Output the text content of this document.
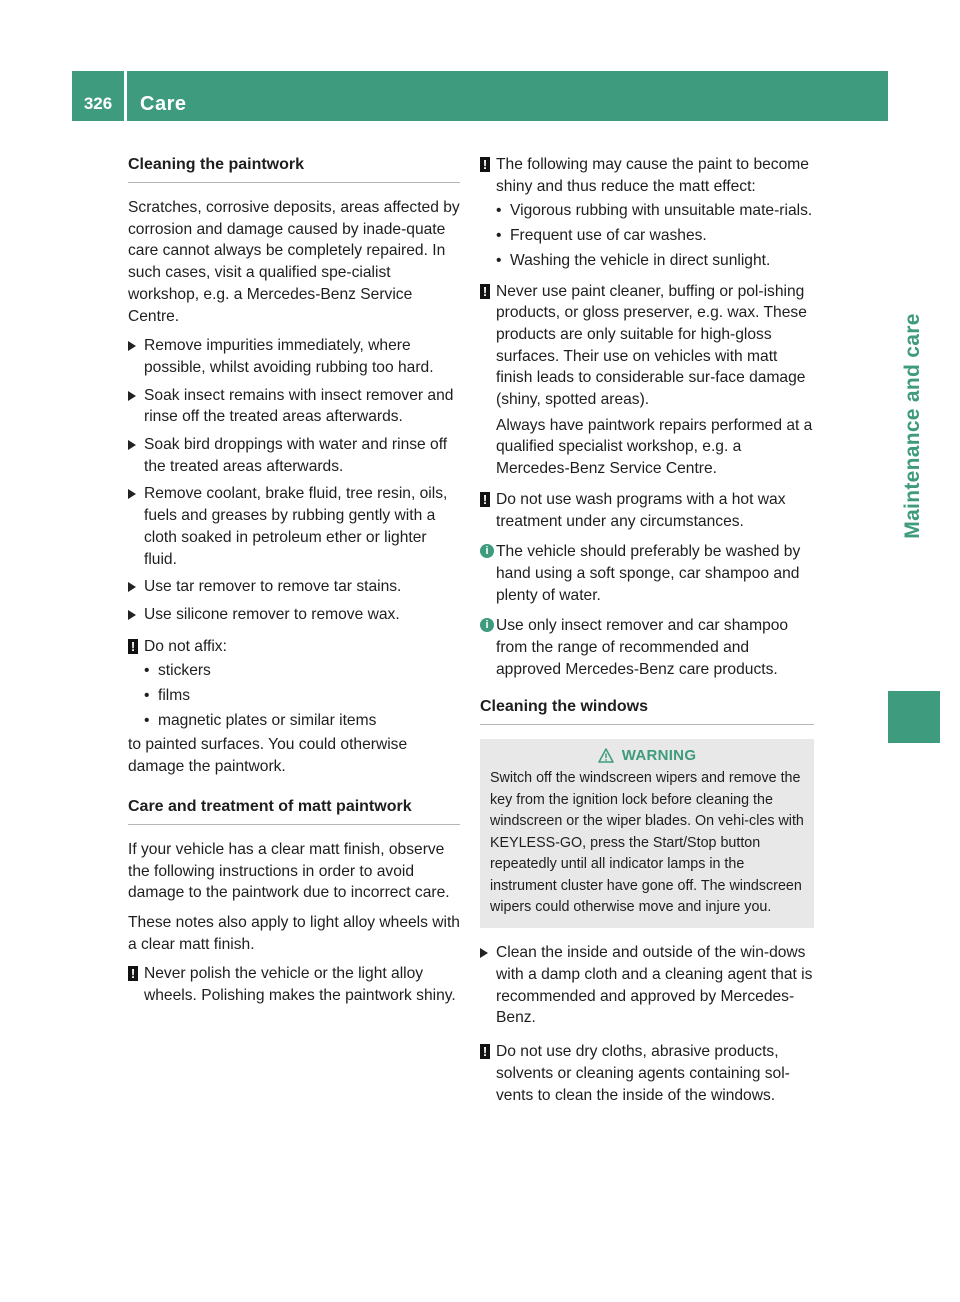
326	Care
Maintenance and care
Cleaning the paintwork

Scratches, corrosive deposits, areas affected by corrosion and damage caused by inade-quate care cannot always be completely repaired. In such cases, visit a qualified spe-cialist workshop, e.g. a Mercedes-Benz Service Centre.

Remove impurities immediately, where possible, whilst avoiding rubbing too hard.
Soak insect remains with insect remover and rinse off the treated areas afterwards.
Soak bird droppings with water and rinse off the treated areas afterwards.
Remove coolant, brake fluid, tree resin, oils, fuels and greases by rubbing gently with a cloth soaked in petroleum ether or lighter fluid.
Use tar remover to remove tar stains.
Use silicone remover to remove wax.
! Do not affix:
• stickers
• films
• magnetic plates or similar items

to painted surfaces. You could otherwise damage the paintwork.

Care and treatment of matt paintwork

If your vehicle has a clear matt finish, observe the following instructions in order to avoid damage to the paintwork due to incorrect care.

These notes also apply to light alloy wheels with a clear matt finish.

! Never polish the vehicle or the light alloy wheels. Polishing makes the paintwork shiny.
! The following may cause the paint to become shiny and thus reduce the matt effect:
• Vigorous rubbing with unsuitable mate-rials.
• Frequent use of car washes.
• Washing the vehicle in direct sunlight.
! Never use paint cleaner, buffing or pol-ishing products, or gloss preserver, e.g. wax. These products are only suitable for high-gloss surfaces. Their use on vehicles with matt finish leads to considerable sur-face damage (shiny, spotted areas).
Always have paintwork repairs performed at a qualified specialist workshop, e.g. a Mercedes-Benz Service Centre.
! Do not use wash programs with a hot wax treatment under any circumstances.
i The vehicle should preferably be washed by hand using a soft sponge, car shampoo and plenty of water.
i Use only insect remover and car shampoo from the range of recommended and approved Mercedes-Benz care products.
Cleaning the windows
WARNING
Switch off the windscreen wipers and remove the key from the ignition lock before cleaning the windscreen or the wiper blades. On vehi-cles with KEYLESS-GO, press the Start/Stop button repeatedly until all indicator lamps in the instrument cluster have gone off. The windscreen wipers could otherwise move and injure you.
Clean the inside and outside of the win-dows with a damp cloth and a cleaning agent that is recommended and approved by Mercedes-Benz.
! Do not use dry cloths, abrasive products, solvents or cleaning agents containing sol-vents to clean the inside of the windows.
